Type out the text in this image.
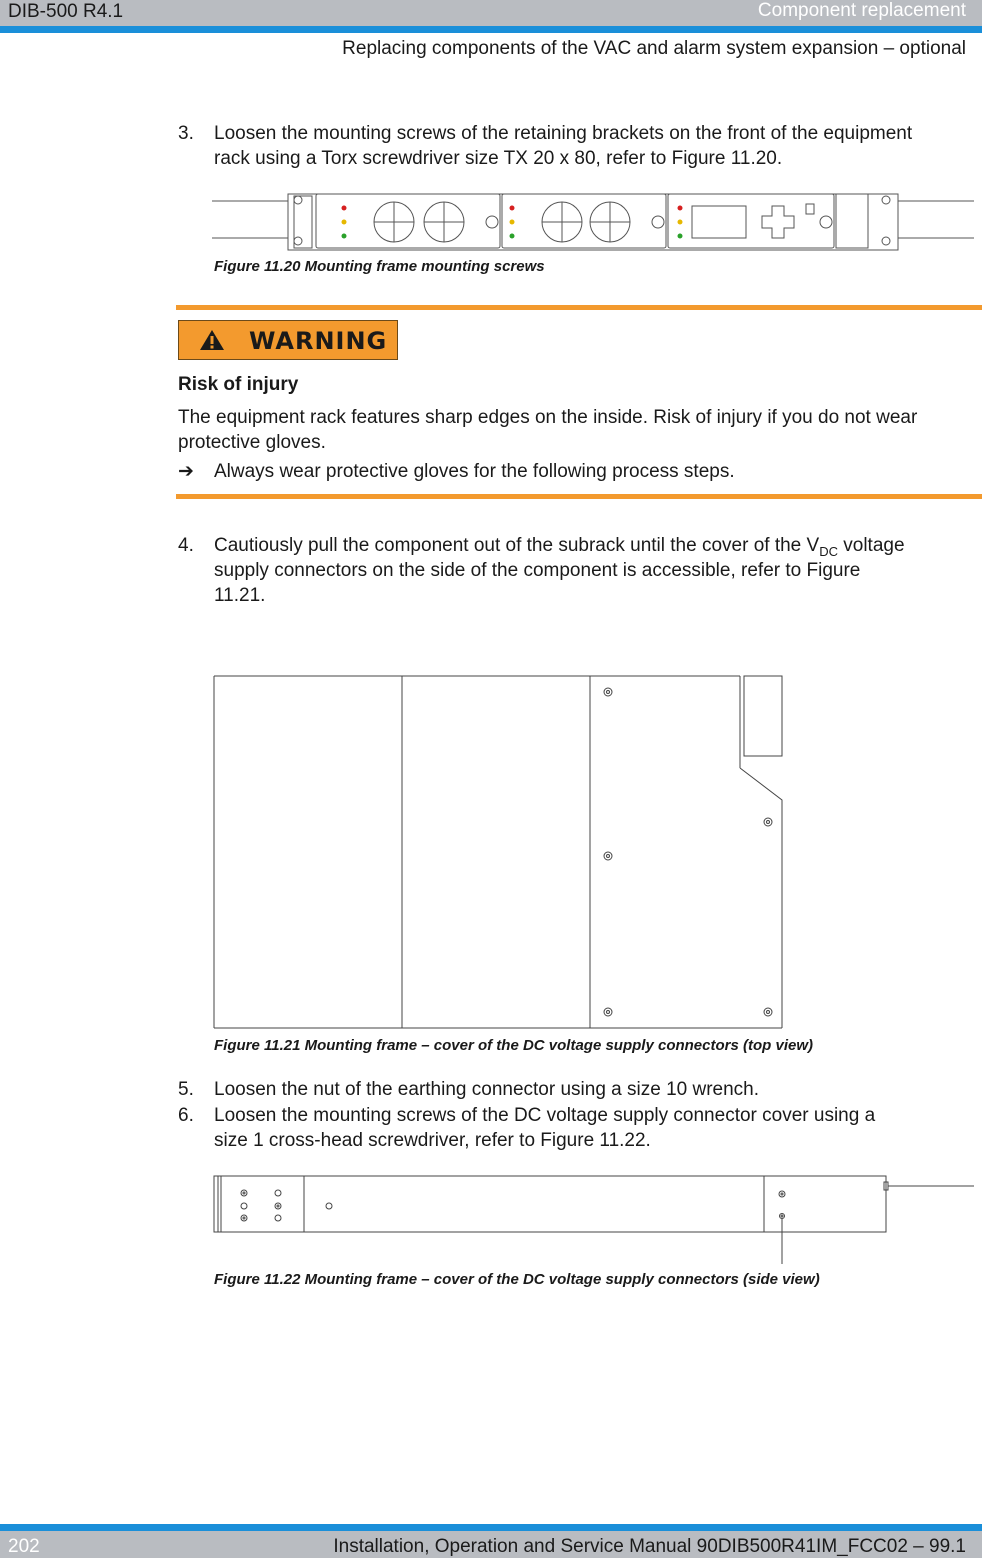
DIB-500 R4.1	Component replacement
Replacing components of the VAC and alarm system expansion – optional
3. Loosen the mounting screws of the retaining brackets on the front of the equipment
rack using a Torx screwdriver size TX 20 x 80, refer to Figure 11.20.
Figure 11.20 Mounting frame mounting screws
WARNING
Risk of injury
The equipment rack features sharp edges on the inside. Risk of injury if you do not wear protective gloves.
➔ Always wear protective gloves for the following process steps.
4. Cautiously pull the component out of the subrack until the cover of the $V_{DC}$ voltage
supply connectors on the side of the component is accessible, refer to Figure
11.21.
Figure 11.21 Mounting frame – cover of the DC voltage supply connectors (top view)
5. Loosen the nut of the earthing connector using a size 10 wrench.
6. Loosen the mounting screws of the DC voltage supply connector cover using a
size 1 cross-head screwdriver, refer to Figure 11.22.
Figure 11.22 Mounting frame – cover of the DC voltage supply connectors (side view)
202	Installation, Operation and Service Manual 90DIB500R41IM_FCC02 – 99.1
